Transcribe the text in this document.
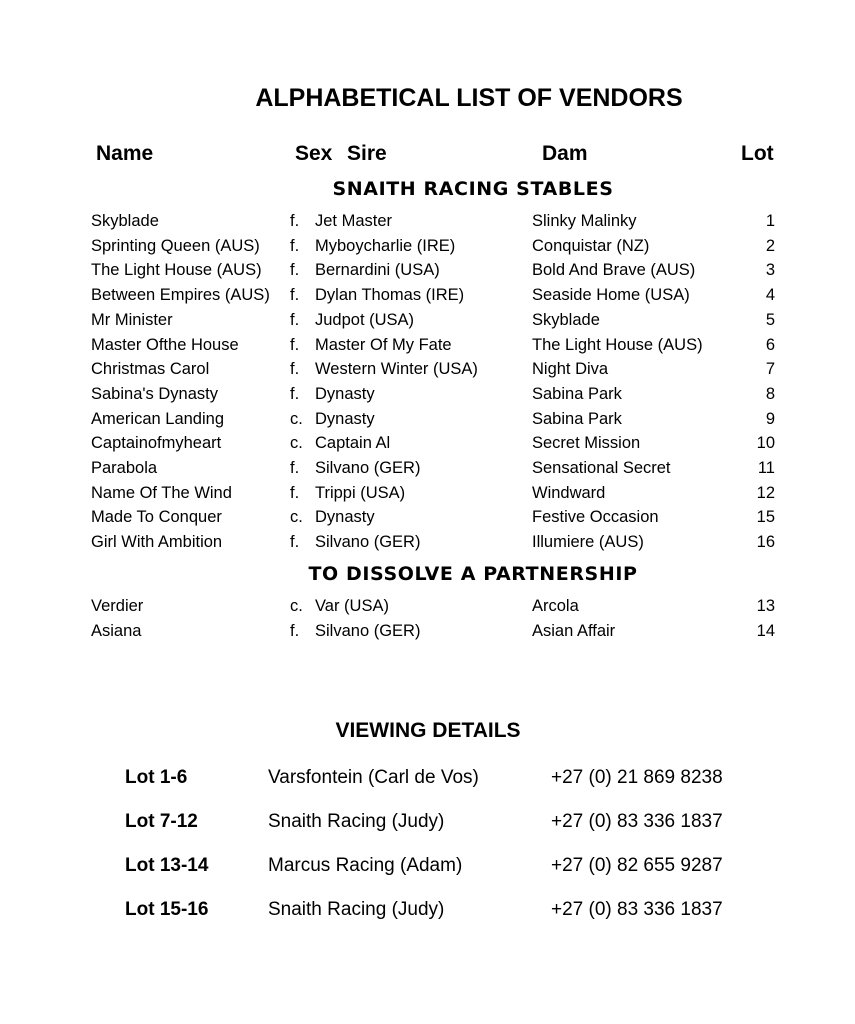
ALPHABETICAL LIST OF VENDORS
Name	Sex Sire	Dam	Lot
SNAITH RACING STABLES
Skyblade	f. Jet Master	Slinky Malinky	1
Sprinting Queen (AUS) f. Myboycharlie (IRE)	Conquistar (NZ)	2
The Light House (AUS) f. Bernardini (USA)	Bold And Brave (AUS)	3
Between Empires (AUS) f. Dylan Thomas (IRE)	Seaside Home (USA)	4
Mr Minister	f. Judpot (USA)	Skyblade	5
Master Ofthe House	f. Master Of My Fate	The Light House (AUS)	6
Christmas Carol	f. Western Winter (USA)	Night Diva	7
Sabina's Dynasty	f. Dynasty	Sabina Park	8
American Landing	c. Dynasty	Sabina Park	9
Captainofmyheart	c. Captain Al	Secret Mission	10
Parabola	f. Silvano (GER)	Sensational Secret	11
Name Of The Wind	f. Trippi (USA)	Windward	12
Made To Conquer	c. Dynasty	Festive Occasion	15
Girl With Ambition	f. Silvano (GER)	Illumiere (AUS)	16
TO DISSOLVE A PARTNERSHIP
Verdier	c. Var (USA)	Arcola	13
Asiana	f. Silvano (GER)	Asian Affair	14
VIEWING DETAILS
Lot 1-6	Varsfontein (Carl de Vos)	+27 (0) 21 869 8238
Lot 7-12	Snaith Racing (Judy)	+27 (0) 83 336 1837
Lot 13-14	Marcus Racing (Adam)	+27 (0) 82 655 9287
Lot 15-16	Snaith Racing (Judy)	+27 (0) 83 336 1837
